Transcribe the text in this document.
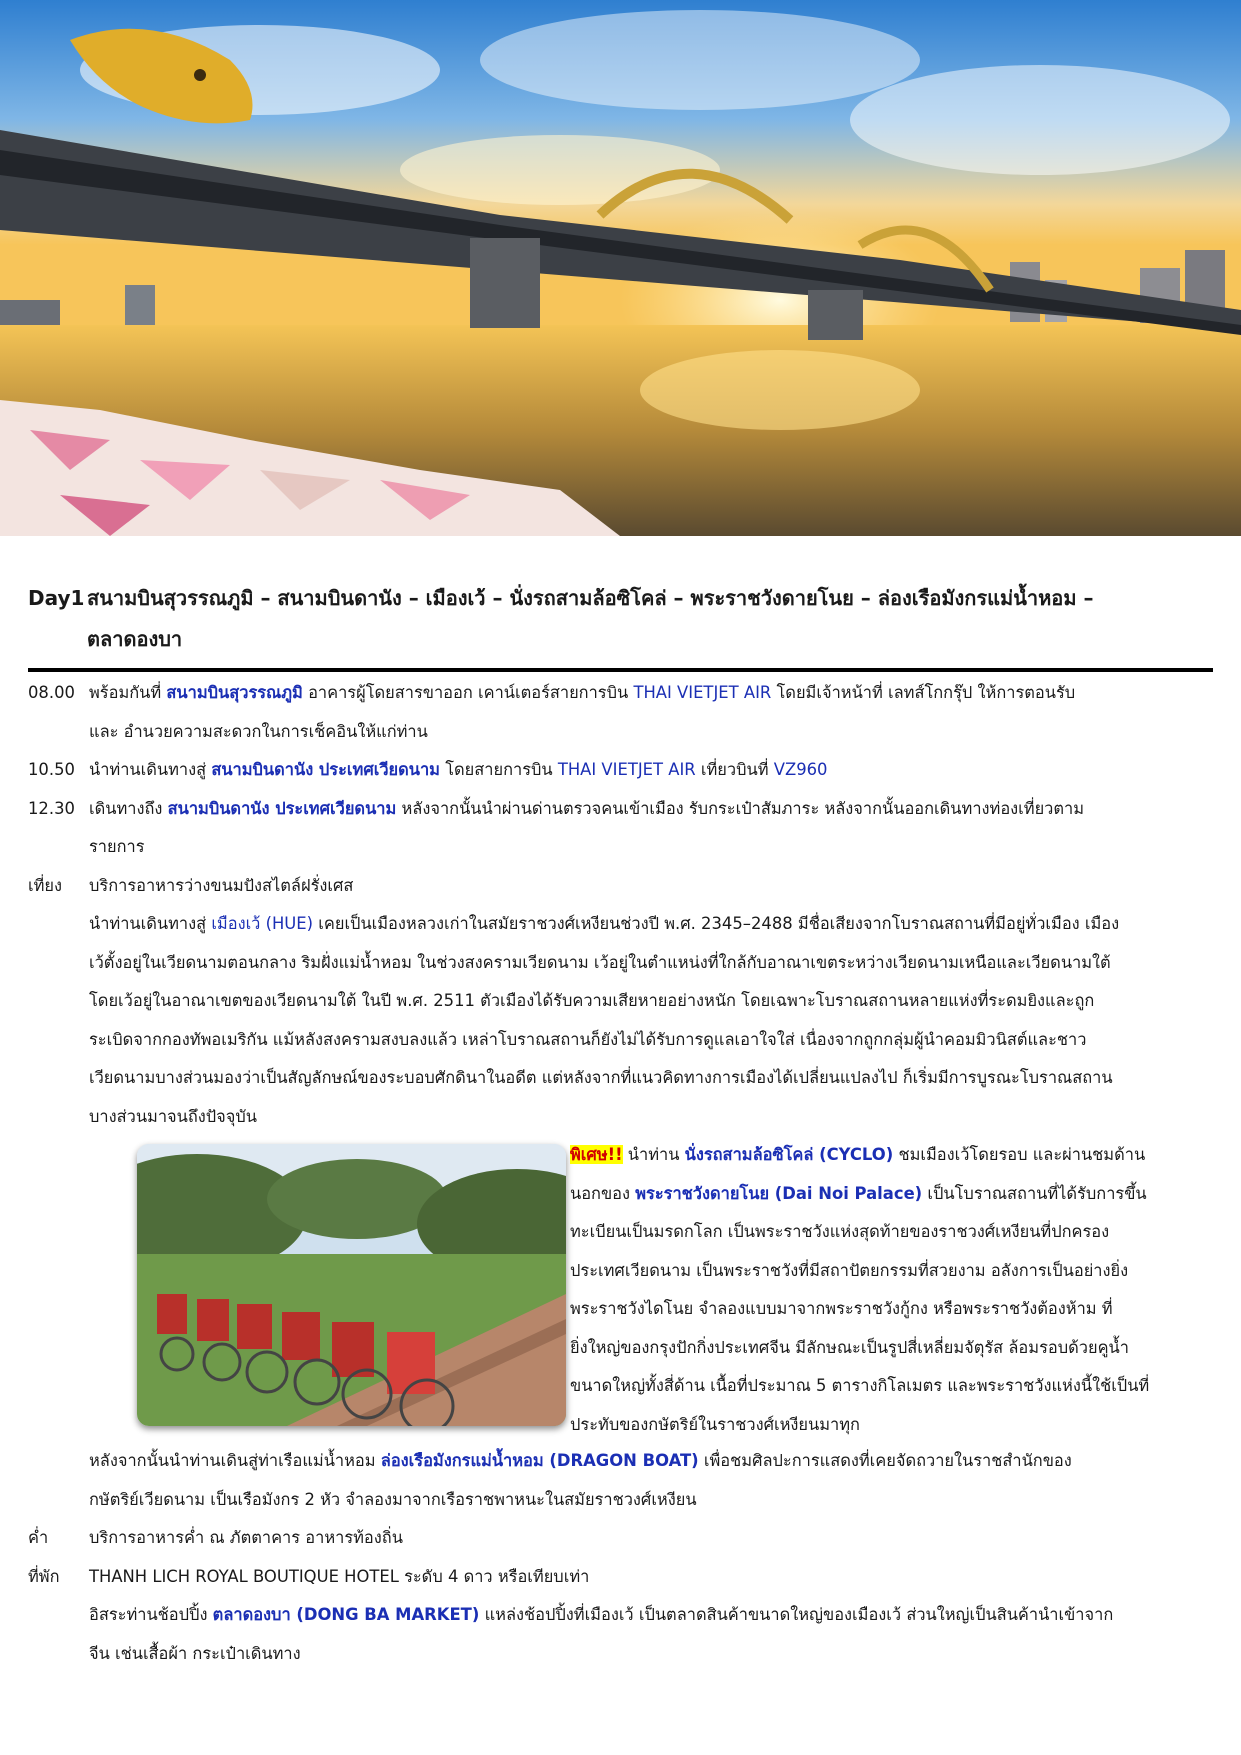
Day1 สนามบินสุวรรณภูมิ – สนามบินดานัง – เมืองเว้ – นั่งรถสามล้อซิโคล่ – พระราชวังดายโนย – ล่องเรือมังกรแม่น้ำหอม –
ตลาดองบา
08.00 พร้อมกันที่ สนามบินสุวรรณภูมิ อาคารผู้โดยสารขาออก เคาน์เตอร์สายการบิน THAI VIETJET AIR โดยมีเจ้าหน้าที่ เลทส์โกกรุ๊ป ให้การตอนรับ
และ อำนวยความสะดวกในการเช็คอินให้แก่ท่าน
10.50 นำท่านเดินทางสู่ สนามบินดานัง ประเทศเวียดนาม โดยสายการบิน THAI VIETJET AIR เที่ยวบินที่ VZ960
12.30 เดินทางถึง สนามบินดานัง ประเทศเวียดนาม หลังจากนั้นนำผ่านด่านตรวจคนเข้าเมือง รับกระเป๋าสัมภาระ หลังจากนั้นออกเดินทางท่องเที่ยวตาม
รายการ
เที่ยง	บริการอาหารว่างขนมปังสไตล์ฝรั่งเศส
นำท่านเดินทางสู่ เมืองเว้ (HUE) เคยเป็นเมืองหลวงเก่าในสมัยราชวงศ์เหงียนช่วงปี พ.ศ. 2345–2488 มีชื่อเสียงจากโบราณสถานที่มีอยู่ทั่วเมือง เมือง
เว้ตั้งอยู่ในเวียดนามตอนกลาง ริมฝั่งแม่น้ำหอม ในช่วงสงครามเวียดนาม เว้อยู่ในตำแหน่งที่ใกล้กับอาณาเขตระหว่างเวียดนามเหนือและเวียดนามใต้
โดยเว้อยู่ในอาณาเขตของเวียดนามใต้ ในปี พ.ศ. 2511 ตัวเมืองได้รับความเสียหายอย่างหนัก โดยเฉพาะโบราณสถานหลายแห่งที่ระดมยิงและถูก
ระเบิดจากกองทัพอเมริกัน แม้หลังสงครามสงบลงแล้ว เหล่าโบราณสถานก็ยังไม่ได้รับการดูแลเอาใจใส่ เนื่องจากถูกกลุ่มผู้นำคอมมิวนิสต์และชาว
เวียดนามบางส่วนมองว่าเป็นสัญลักษณ์ของระบอบศักดินาในอดีต แต่หลังจากที่แนวคิดทางการเมืองได้เปลี่ยนแปลงไป ก็เริ่มมีการบูรณะโบราณสถาน
บางส่วนมาจนถึงปัจจุบัน
พิเศษ!! นำท่าน นั่งรถสามล้อซิโคล่ (CYCLO) ชมเมืองเว้โดยรอบ และผ่านชมด้าน
นอกของ พระราชวังดายโนย (Dai Noi Palace) เป็นโบราณสถานที่ได้รับการขึ้น
ทะเบียนเป็นมรดกโลก เป็นพระราชวังแห่งสุดท้ายของราชวงศ์เหงียนที่ปกครอง
ประเทศเวียดนาม เป็นพระราชวังที่มีสถาปัตยกรรมที่สวยงาม อลังการเป็นอย่างยิ่ง
พระราชวังไดโนย จำลองแบบมาจากพระราชวังกู้กง หรือพระราชวังต้องห้าม ที่
ยิ่งใหญ่ของกรุงปักกิ่งประเทศจีน มีลักษณะเป็นรูปสี่เหลี่ยมจัตุรัส ล้อมรอบด้วยคูน้ำ
ขนาดใหญ่ทั้งสี่ด้าน เนื้อที่ประมาณ 5 ตารางกิโลเมตร และพระราชวังแห่งนี้ใช้เป็นที่
ประทับของกษัตริย์ในราชวงศ์เหงียนมาทุก
หลังจากนั้นนำท่านเดินสู่ท่าเรือแม่น้ำหอม ล่องเรือมังกรแม่น้ำหอม (DRAGON BOAT) เพื่อชมศิลปะการแสดงที่เคยจัดถวายในราชสำนักของ
กษัตริย์เวียดนาม เป็นเรือมังกร 2 หัว จำลองมาจากเรือราชพาหนะในสมัยราชวงศ์เหงียน
ค่ำ	บริการอาหารค่ำ ณ ภัตตาคาร อาหารท้องถิ่น
ที่พัก	THANH LICH ROYAL BOUTIQUE HOTEL ระดับ 4 ดาว หรือเทียบเท่า
อิสระท่านช้อปปิ้ง ตลาดองบา (DONG BA MARKET) แหล่งช้อปปิ้งที่เมืองเว้ เป็นตลาดสินค้าขนาดใหญ่ของเมืองเว้ ส่วนใหญ่เป็นสินค้านำเข้าจาก
จีน เช่นเสื้อผ้า กระเป๋าเดินทาง
